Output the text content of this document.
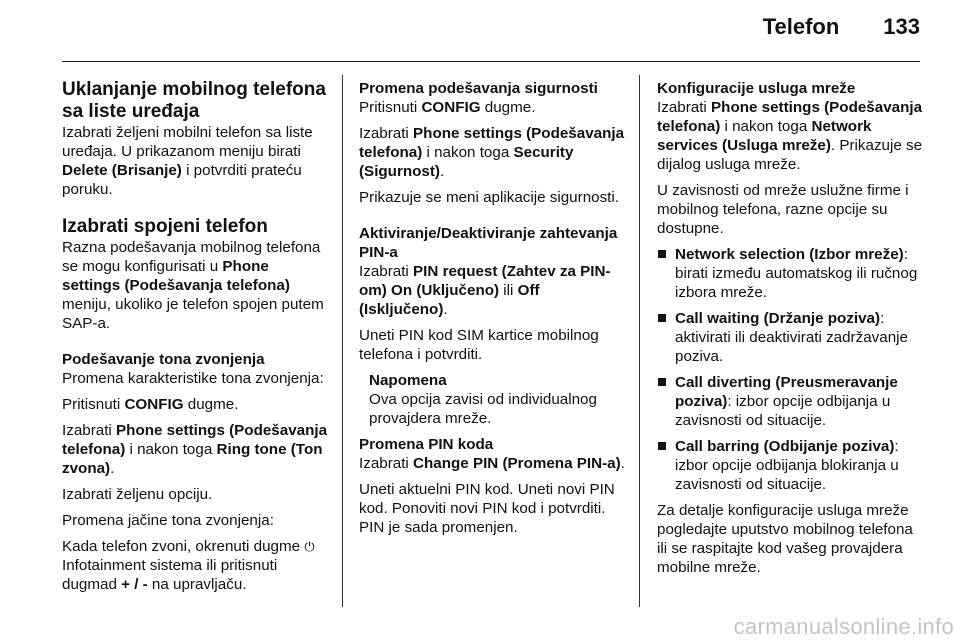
Telefon 133
Uklanjanje mobilnog telefona sa liste uređaja

Izabrati željeni mobilni telefon sa liste uređaja. U prikazanom meniju birati Delete (Brisanje) i potvrditi prateću poruku.

Izabrati spojeni telefon

Razna podešavanja mobilnog telefona se mogu konfigurisati u Phone settings (Podešavanja telefona) meniju, ukoliko je telefon spojen putem SAP-a.

Podešavanje tona zvonjenja

Promena karakteristike tona zvonjenja:

Pritisnuti CONFIG dugme.

Izabrati Phone settings (Podešavanja telefona) i nakon toga Ring tone (Ton zvona).

Izabrati željenu opciju.

Promena jačine tona zvonjenja:

Kada telefon zvoni, okrenuti dugme ⏻ Infotainment sistema ili pritisnuti dugmad + / - na upravljaču.

Promena podešavanja sigurnosti

Pritisnuti CONFIG dugme.

Izabrati Phone settings (Podešavanja telefona) i nakon toga Security (Sigurnost).

Prikazuje se meni aplikacije sigurnosti.

Aktiviranje/Deaktiviranje zahtevanja PIN-a

Izabrati PIN request (Zahtev za PIN-om) On (Uključeno) ili Off (Isključeno).

Uneti PIN kod SIM kartice mobilnog telefona i potvrditi.

Napomena
Ova opcija zavisi od individualnog provajdera mreže.
Promena PIN koda

Izabrati Change PIN (Promena PIN-a).

Uneti aktuelni PIN kod. Uneti novi PIN kod. Ponoviti novi PIN kod i potvrditi. PIN je sada promenjen.

Konfiguracije usluga mreže

Izabrati Phone settings (Podešavanja telefona) i nakon toga Network services (Usluga mreže). Prikazuje se dijalog usluga mreže.

U zavisnosti od mreže uslužne firme i mobilnog telefona, razne opcije su dostupne.

Network selection (Izbor mreže): birati između automatskog ili ručnog izbora mreže.
Call waiting (Držanje poziva): aktivirati ili deaktivirati zadržavanje poziva.
Call diverting (Preusmeravanje poziva): izbor opcije odbijanja u zavisnosti od situacije.
Call barring (Odbijanje poziva): izbor opcije odbijanja blokiranja u zavisnosti od situacije.

Za detalje konfiguracije usluga mreže pogledajte uputstvo mobilnog telefona ili se raspitajte kod vašeg provajdera mobilne mreže.

carmanualsonline.info
